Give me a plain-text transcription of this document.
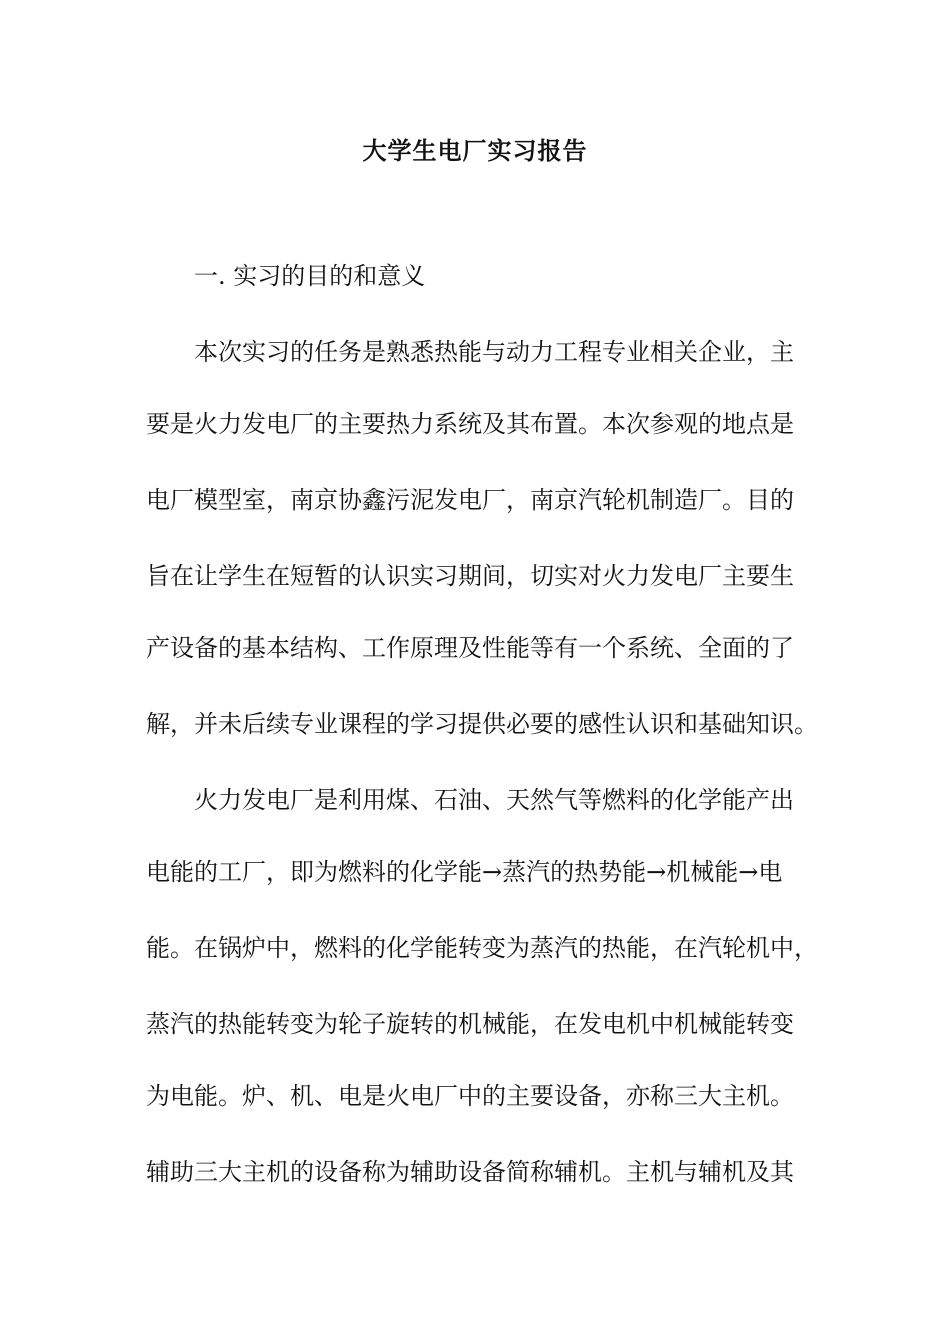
大学生电厂实习报告
一. 实习的目的和意义
本次实习的任务是熟悉热能与动力工程专业相关企业，主
要是火力发电厂的主要热力系统及其布置。本次参观的地点是
电厂模型室，南京协鑫污泥发电厂，南京汽轮机制造厂。目的
旨在让学生在短暂的认识实习期间，切实对火力发电厂主要生
产设备的基本结构、工作原理及性能等有一个系统、全面的了
解，并未后续专业课程的学习提供必要的感性认识和基础知识。
火力发电厂是利用煤、石油、天然气等燃料的化学能产出
电能的工厂，即为燃料的化学能→蒸汽的热势能→机械能→电
能。在锅炉中，燃料的化学能转变为蒸汽的热能，在汽轮机中，
蒸汽的热能转变为轮子旋转的机械能，在发电机中机械能转变
为电能。炉、机、电是火电厂中的主要设备，亦称三大主机。
辅助三大主机的设备称为辅助设备简称辅机。主机与辅机及其
